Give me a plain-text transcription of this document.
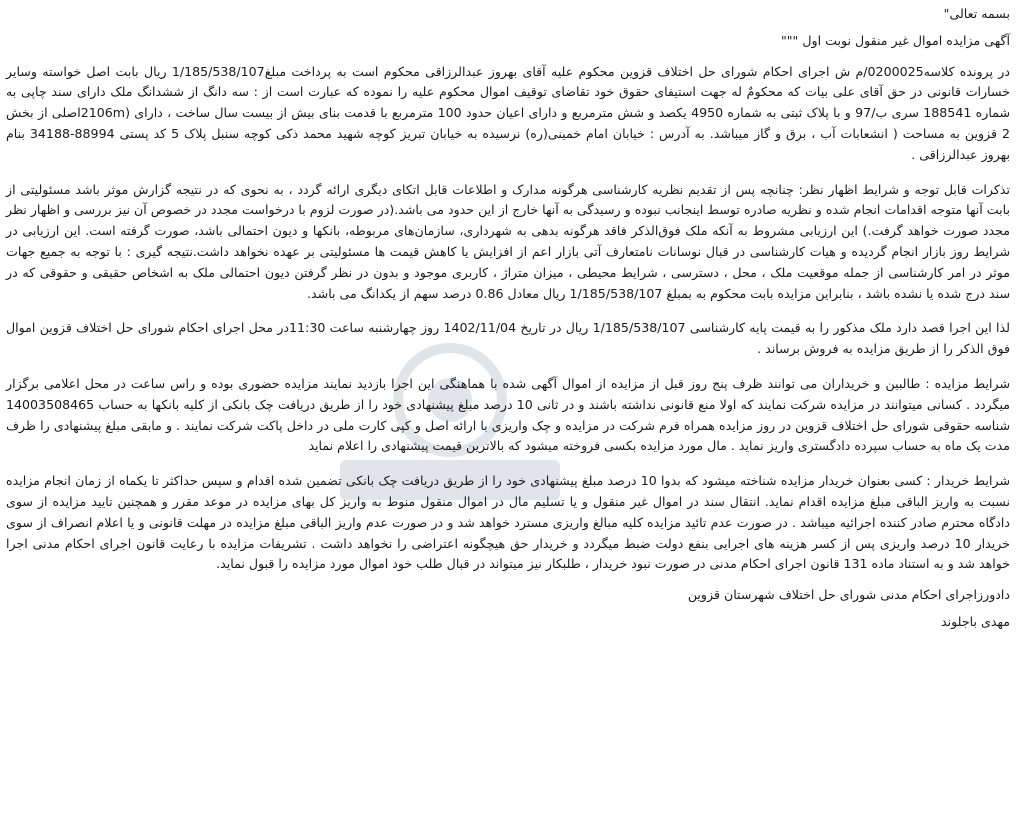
بسمه تعالی"

آگهی مزایده اموال غیر منقول نوبت اول """

در پرونده کلاسه0200025/م ش اجرای احکام شورای حل اختلاف قزوین محکوم علیه آقای بهروز عبدالرزاقی محکوم است به پرداخت مبلغ1/185/538/107 ریال بابت اصل خواسته وسایر خسارات قانونی در حق آقای علی بیات که محکومٌ له جهت استیفای حقوق خود تقاضای توقیف اموال محکوم علیه را نموده که عبارت است از : سه دانگ از ششدانگ ملک دارای سند چاپی به شماره 188541 سری ب/97 و با پلاک ثبتی به شماره 4950 یکصد و شش مترمربع و دارای اعیان حدود 100 مترمربع با قدمت بنای بیش از بیست سال ساخت ، دارای (2106mاصلی از بخش 2 قزوین به مساحت ( انشعابات آب ، برق و گاز میباشد. به آدرس : خیابان امام خمینی(ره) نرسیده به خیابان تبریز کوچه شهید محمد ذکی کوچه سنبل پلاک 5 کد پستی 88994-34188 بنام بهروز عبدالرزاقی .

تذکرات قابل توجه و شرایط اظهار نظر: چنانچه پس از تقدیم نظریه کارشناسی هرگونه مدارک و اطلاعات قابل اتکای دیگری ارائه گردد ، به نحوی که در نتیجه گزارش موثر باشد مسئولیتی از بابت آنها متوجه اقدامات انجام شده و نظریه صادره توسط اینجانب نبوده و رسیدگی به آنها خارج از این حدود می باشد.(در صورت لزوم با درخواست مجدد در خصوص آن نیز بررسی و اظهار نظر مجدد صورت خواهد گرفت.) این ارزیابی مشروط به آنکه ملک فوق‌الذکر فاقد هرگونه بدهی به شهرداری، سازمان‌های مربوطه، بانکها و دیون احتمالی باشد، صورت گرفته است. این ارزیابی در شرایط روز بازار انجام گردیده و هیات کارشناسی در قبال نوسانات نامتعارف آتی بازار اعم از افزایش یا کاهش قیمت ها مسئولیتی بر عهده نخواهد داشت.نتیجه گیری : با توجه به جمیع جهات موثر در امر کارشناسی از جمله موقعیت ملک ، محل ، دسترسی ، شرایط محیطی ، میزان متراژ ، کاربری موجود و بدون در نظر گرفتن دیون احتمالی ملک به اشخاص حقیقی و حقوقی که در سند درج شده یا نشده باشد ، بنابراین مزایده بابت محکوم به بمبلغ 1/185/538/107 ریال معادل 0.86 درصد سهم از یکدانگ می باشد.

لذا این اجرا قصد دارد ملک مذکور را به قیمت پایه کارشناسی 1/185/538/107 ریال در تاریخ 1402/11/04 روز چهارشنبه ساعت 11:30در محل اجرای احکام شورای حل اختلاف قزوین اموال فوق الذکر را از طریق مزایده به فروش برساند .

شرایط مزایده : طالبین و خریداران می توانند ظرف پنج روز قبل از مزایده از اموال آگهی شده با هماهنگی این اجرا بازدید نمایند مزایده حضوری بوده و راس ساعت در محل اعلامی برگزار میگردد . کسانی میتوانند در مزایده شرکت نمایند که اولا منع قانونی نداشته باشند و در ثانی 10 درصد مبلغ پیشنهادی خود را از طریق دریافت چک بانکی از کلیه بانکها به حساب 14003508465 شناسه حقوقی شورای حل اختلاف قزوین در روز مزایده همراه فرم شرکت در مزایده و چک واریزی با ارائه اصل و کپی کارت ملی در داخل پاکت شرکت نمایند . و مابقی مبلغ پیشنهادی را ظرف مدت یک ماه به حساب سپرده دادگستری واریز نماید . مال مورد مزایده بکسی فروخته میشود که بالاترین قیمت پیشنهادی را اعلام نماید

شرایط خریدار : کسی بعنوان خریدار مزایده شناخته میشود که بدوا 10 درصد مبلغ پیشنهادی خود را از طریق دریافت چک بانکی تضمین شده اقدام و سپس حداکثر تا یکماه از زمان انجام مزایده نسبت به واریز الباقی مبلغ مزایده اقدام نماید. انتقال سند در اموال غیر منقول و یا تسلیم مال در اموال منقول منوط به واریز کل بهای مزایده در موعد مقرر و همچنین تایید مزایده از سوی دادگاه محترم صادر کننده اجرائیه میباشد . در صورت عدم تائید مزایده کلیه مبالغ واریزی مسترد خواهد شد و در صورت عدم واریز الباقی مبلغ مزایده در مهلت قانونی و یا اعلام انصراف از سوی خریدار 10 درصد واریزی پس از کسر هزینه های اجرایی بنفع دولت ضبط میگردد و خریدار حق هیچگونه اعتراضی را نخواهد داشت . تشریفات مزایده با رعایت قانون اجرای احکام مدنی اجرا خواهد شد و به استناد ماده 131 قانون اجرای احکام مدنی در صورت نبود خریدار ، طلبکار نیز میتواند در قبال طلب خود اموال مورد مزایده را قبول نماید.

دادورزاجرای احکام مدنی شورای حل اختلاف شهرستان قزوین

مهدی باجلوند
